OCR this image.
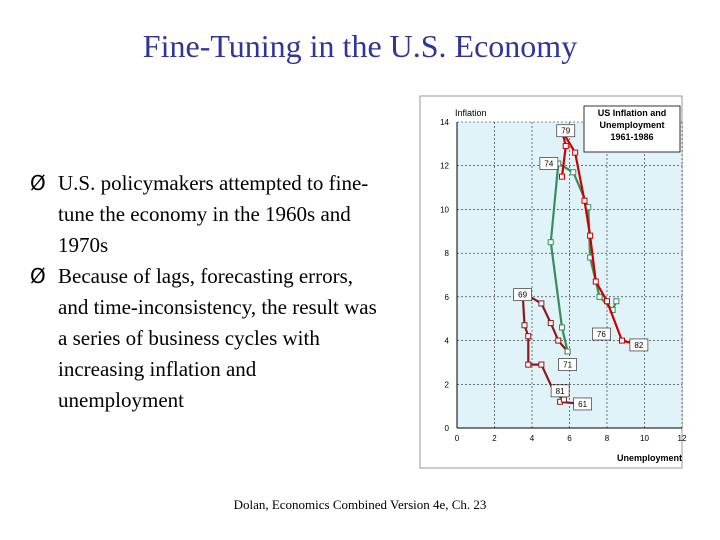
Fine-Tuning in the U.S. Economy
Ø U.S. policymakers attempted to fine-tune the economy in the 1960s and 1970s
Ø Because of lags, forecasting errors, and time-inconsistency, the result was a series of business cycles with increasing inflation and unemployment
0
2
4
6
8
10
12
14
0	2	4	6	8	10	12
79
74
69
76
82
71
61
81
Inflation
Unemployment
US Inflation and Unemployment 1961-1986
Dolan, Economics Combined Version 4e, Ch. 23
